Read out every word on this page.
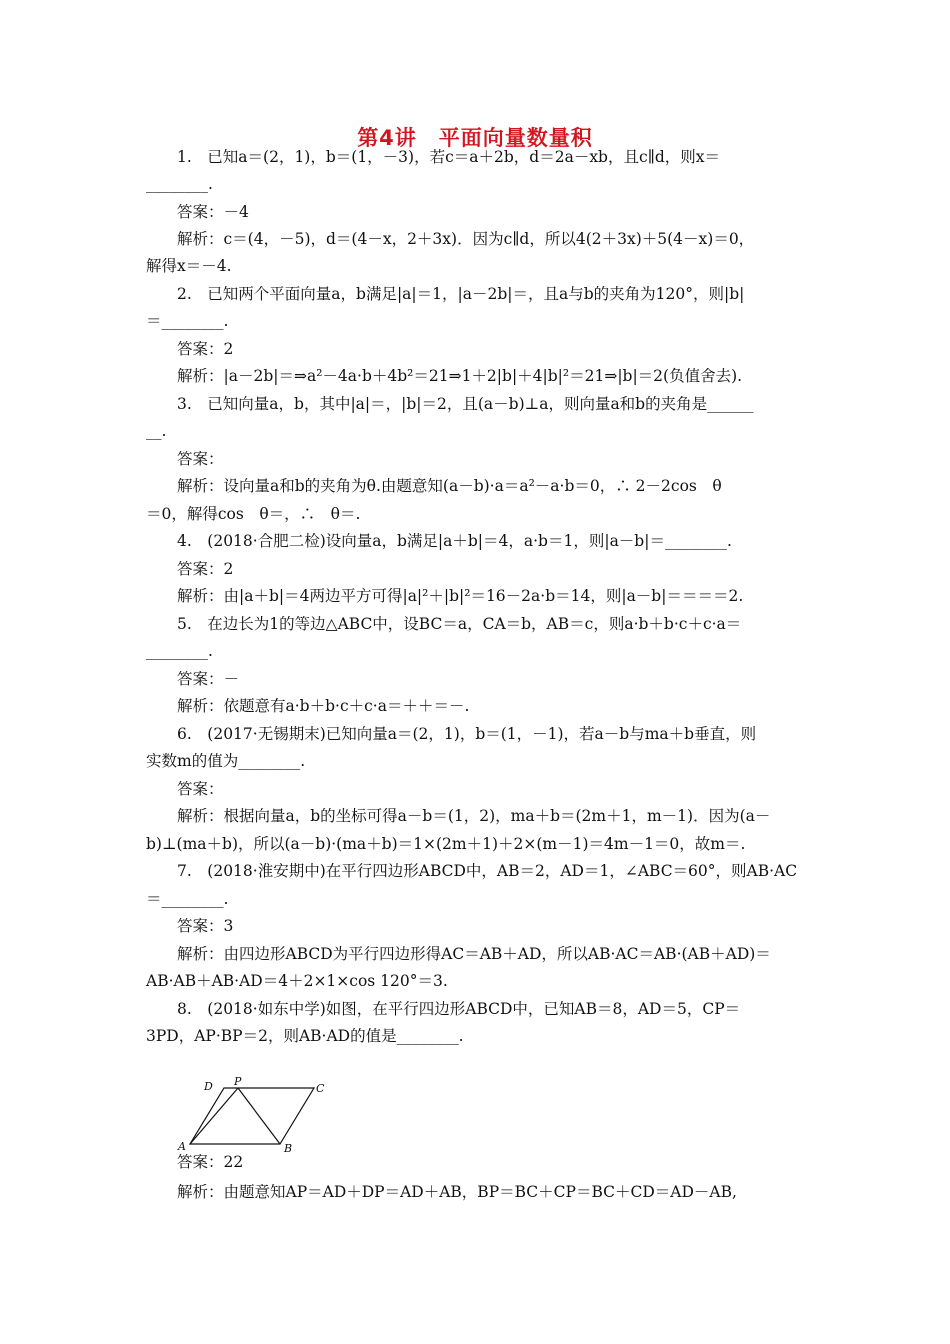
第4讲　平面向量数量积
1.　已知a＝(2，1)，b＝(1，－3)，若c＝a＋2b，d＝2a－xb，且c∥d，则x＝
________.
答案：－4
解析：c＝(4，－5)，d＝(4－x，2＋3x)．因为c∥d，所以4(2＋3x)＋5(4－x)＝0，
解得x＝－4.
2.　已知两个平面向量a，b满足|a|＝1，|a－2b|＝，且a与b的夹角为120°，则|b|
＝________.
答案：2
解析：|a－2b|＝⇒a²－4a·b＋4b²＝21⇒1＋2|b|＋4|b|²＝21⇒|b|＝2(负值舍去).
3.　已知向量a，b，其中|a|＝，|b|＝2，且(a－b)⊥a，则向量a和b的夹角是______
__.
答案：
解析：设向量a和b的夹角为θ.由题意知(a－b)·a＝a²－a·b＝0，∴ 2－2cos　θ
＝0，解得cos　θ＝，∴　θ＝.
4.　(2018·合肥二检)设向量a，b满足|a＋b|＝4，a·b＝1，则|a－b|＝________.
答案：2
解析：由|a＋b|＝4两边平方可得|a|²＋|b|²＝16－2a·b＝14，则|a－b|＝＝＝＝2.
5.　在边长为1的等边△ABC中，设BC＝a，CA＝b，AB＝c，则a·b＋b·c＋c·a＝
________.
答案：－
解析：依题意有a·b＋b·c＋c·a＝＋＋＝－.
6.　(2017·无锡期末)已知向量a＝(2，1)，b＝(1，－1)，若a－b与ma＋b垂直，则
实数m的值为________.
答案：
解析：根据向量a，b的坐标可得a－b＝(1，2)，ma＋b＝(2m＋1，m－1)．因为(a－
b)⊥(ma＋b)，所以(a－b)·(ma＋b)＝1×(2m＋1)＋2×(m－1)＝4m－1＝0，故m＝.
7.　(2018·淮安期中)在平行四边形ABCD中，AB＝2，AD＝1，∠ABC＝60°，则AB·AC
＝________.
答案：3
解析：由四边形ABCD为平行四边形得AC＝AB＋AD，所以AB·AC＝AB·(AB＋AD)＝
AB·AB＋AB·AD＝4＋2×1×cos 120°＝3.
8.　(2018·如东中学)如图，在平行四边形ABCD中，已知AB＝8，AD＝5，CP＝
3PD，AP·BP＝2，则AB·AD的值是________.
D P
C
A	B
答案：22
解析：由题意知AP＝AD＋DP＝AD＋AB，BP＝BC＋CP＝BC＋CD＝AD－AB,
